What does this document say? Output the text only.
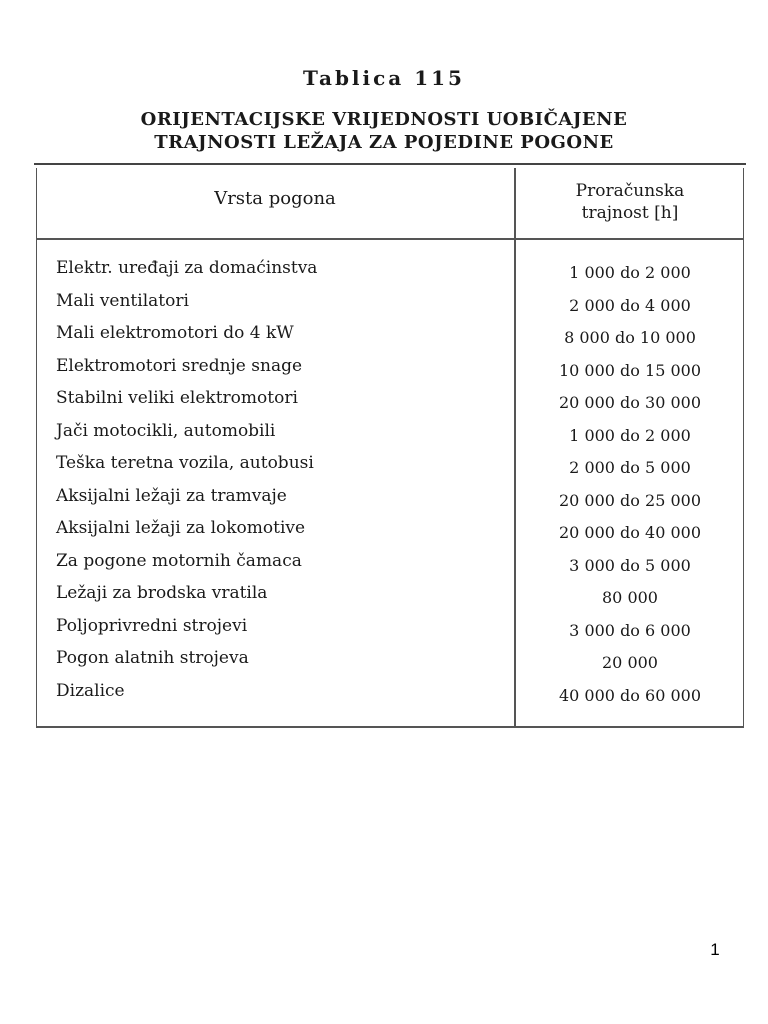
Tablica 115
ORIJENTACIJSKE VRIJEDNOSTI UOBIČAJENE
TRAJNOSTI LEŽAJA ZA POJEDINE POGONE
Vrsta pogona	Proračunska
trajnost [h]
Elektr. uređaji za domaćinstva	1 000 do 2 000
Mali ventilatori	2 000 do 4 000
Mali elektromotori do 4 kW	8 000 do 10 000
Elektromotori srednje snage	10 000 do 15 000
Stabilni veliki elektromotori	20 000 do 30 000
Jači motocikli, automobili	1 000 do 2 000
Teška teretna vozila, autobusi	2 000 do 5 000
Aksijalni ležaji za tramvaje	20 000 do 25 000
Aksijalni ležaji za lokomotive	20 000 do 40 000
Za pogone motornih čamaca	3 000 do 5 000
Ležaji za brodska vratila	80 000
Poljoprivredni strojevi	3 000 do 6 000
Pogon alatnih strojeva	20 000
Dizalice	40 000 do 60 000
1
